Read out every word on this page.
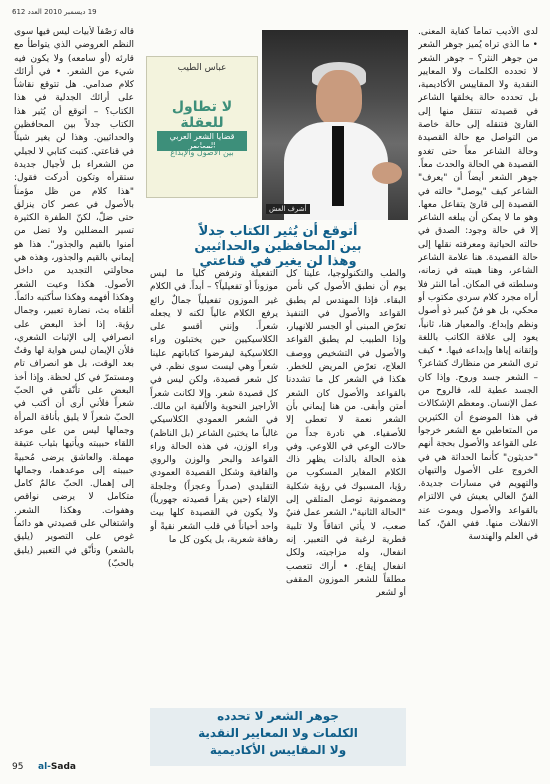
19 ديسمبر 2010 العدد 612
أشرف العش
عباس الطيب
لا تطاول للعقلة
قضايا الشعر العربي المعاصر
بين الأصول والإبداع
أتوقع أن يُثير الكتاب جدلاً
بين المحافظين والحداثيين
وهذا لن يغير في قناعتي

لدى الأديب تماماً كفاية المعنى. • ما الذي تراه يُميز جوهر الشعر من جوهر النثر؟ – جوهر الشعر لا تحدده الكلمات ولا المعايير النقدية ولا المقاييس الأكاديمية، بل تحدده حالة يخلقها الشاعر في قصيدته تنتقل منها إلى القارئ فتنقله إلى حالة خاصة من التواصل مع حالة القصيدة وحالة الشاعر معاً حتى تغدو القصيدة هي الحالة والحدث معاً. جوهر الشعر أيضاً أن "يعرف" الشاعر كيف "يوصل" حالته في القصيدة إلى قارئ يتفاعل معها. وهو ما لا يمكن أن يبلغه الشاعر إلا في حالة وجود: الصدق في حالته الحياتية ومعرفته نقلها إلى حالة القصيدة. هنا علامة الشاعر الشاعر، وهنا هيبته في زمانه، وسلطته في المكان. أما النثر فلا أراه مجرد كلام سردي مكتوب أو محكي، بل هو فنٌ كبير ذو أصول ونظم وإبداع. والمعيار هنا، ثانياً، يعود إلى علاقة الكاتب باللغة وإتقانه إياها وإبداعه فيها. • كيف ترى الشعر من منظارك كشاعر؟ – الشعر جسد وروح. وإذا كان الجسد عطية لله، فالروح من عمل الإنسان. ومعظم الإشكالات في هذا الموضوع أن الكثيرين من المتعاطين مع الشعر خرجوا على القواعد والأصول بحجة أنهم "حديثون" كأنما الحداثة هي في الخروج على الأصول والتيهان والتهويم في مسارات جديدة. الفنّ العالي يعيش في الالتزام بالقواعد والأصول ويموت عند الانفلات منها. ففي الفنّ، كما في العلم والهندسة

والطب والتكنولوجيا، علينا كل يوم أن نطبق الأصول كي نأمن البقاء. فإذا المهندس لم يطبق القواعد والأصول في التنفيذ تعرّض المبنى أو الجسر للانهيار، وإذا الطبيب لم يطبق القواعد والأصول في التشخيص ووصف العلاج، تعرّض المريض للخطر. هكذا في الشعر كل ما تشددنا بالقواعد والأصول كان الشعر أمتن وأبقى. من هنا إيماني بأن الشعر نعمة لا تعطى إلا للأصفياء. هي نادرة جداً من حالات الوعي في اللاوعي. وفي هذه الحالة بالذات يظهر ذاك الكلام المغاير المسكوب من رؤيا، المسبوك في رؤية شكلية ومضمونية توصل المتلقي إلى "الحالة الثانية"، الشعر عمل فنيٌ صعب، لا يأتي اتفاقاً ولا تلبية قطرية لرغبة في التعبير. إنه انفعال، وله مزاجيته، ولكل انفعال إيقاع. • أراك تتعصب مطلقاً للشعر الموزون المقفى أو لشعر

التفعيلة وترفض كلياً ما ليس موزوناً أو تفعيلياً؟ – أبداً. في الكلام غير الموزون تفعيلياً جمالٌ رائع يرفع الكلام عالياً لكنه لا يجعله شعراً. وإنني أقسو على الكلاسيكيين حين يختبئون وراء الكلاسيكية ليفرضوا كتاباتهم علينا شعراً وهي ليست سوى نظم. في كل شعر قصيدة، ولكن ليس في كل قصيدة شعر. وإلا لكانت شعراً الأراجيز النحوية والألفية ابن مالك. في الشعر العمودي الكلاسيكي غالباً ما يختبئ الشاعر (بل الناظم) وراء الوزن، في هذه الحالة وراء القواعد والبحر والوزن والروي والقافية وشكل القصيدة العمودي التقليدي (صدراً وعجزاً) وجلجلة الإلقاء (حين يقرأ قصيدته جهورياً) ولا يكون في القصيدة كلها بيت واحد أحياناً في قلب الشعر نقيةً أو رهافة شعرية، بل يكون كل ما

قاله رَصْفاً لأبيات ليس فيها سوى النظم العروضي الذي يتواطأ مع قارئه (أو سامعه) ولا يكون فيه شيء من الشعر. • في أرائك كلام صدامي. هل تتوقع نقاشاً على أرائك الجدلية في هذا الكتاب؟ – أتوقع أن يُثير هذا الكتاب جدلاً بين المحافظين والحداثيين. وهذا لن يغير شيئاً في قناعتي. كتبت كتابي لا لجيلي من الشعراء بل لأجيال جديدة ستقرأه وتكون أدركت فقول: "هذا كلام من ظل مؤمناً بالأصول في عصر كان ينزلق حتى ضلّ، لكنّ الطفرة الكثيرة تسير المضللين ولا تضل من أمنوا بالقيم والجذور". هذا هو إيماني بالقيم والجذور، وهذه هي محاولتي التجديد من داخل الأصول. هكذا وعيت الشعر وهكذا أفهمه وهكذا سأكتبه دائماً. أتلقاه بث، نضارة تعبير، وجمال رؤية. إذا أخذ البعض على انصرافي إلى الإثبات الشعري، فلأن الإيمان ليس هواية لها وقتٌ بعد الوقت، بل هو انصراف تام ومستمرّ في كل لحظة. وإذا أخذ البعض على تأنّقي في الحبّ شعراً فلأني أرى أن أكتب في الحبّ شعراً لا يليق بأناقة المرأة وجمالها ليس من على موعد اللقاء حبيبته ويأتيها بثياب عتيقة مهملة. والعاشق يرضى مُحبيةً حبيبته إلى موعدهما، وجمالها إلى إهمال. الحبّ عالمٌ كامل متكامل لا يرضى نواقص وهفوات. وهكذا الشعر. واشتغالي على قصيدتي هو دائماً غوص على التصوير (يليق بالشعر) وتأنّق في التعبير (يليق بالحبّ)

جوهر الشعر لا تحدده
الكلمات ولا المعايير النقدية
ولا المقاييس الأكاديمية
95 al-Sada
